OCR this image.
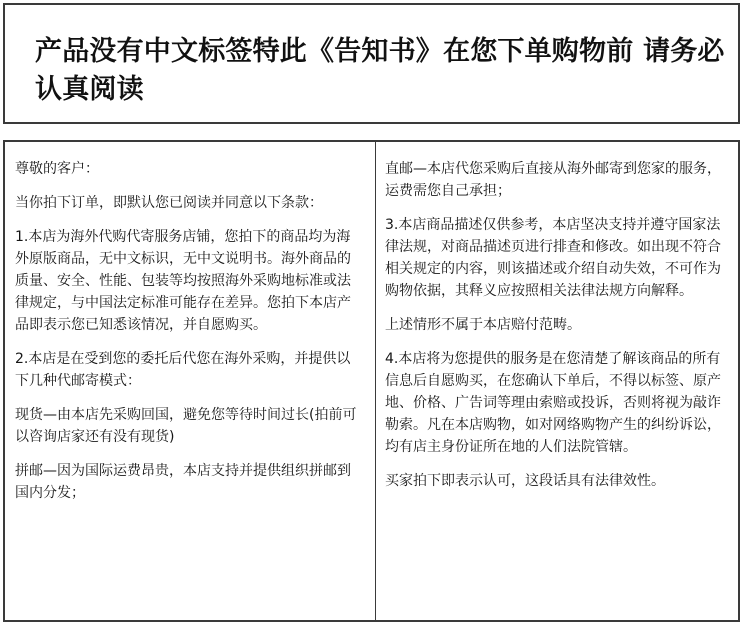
产品没有中文标签特此《告知书》在您下单购物前 请务必认真阅读

尊敬的客户：

当你拍下订单，即默认您已阅读并同意以下条款：

1.本店为海外代购代寄服务店铺，您拍下的商品均为海外原版商品，无中文标识，无中文说明书。海外商品的质量、安全、性能、包装等均按照海外采购地标准或法律规定，与中国法定标准可能存在差异。您拍下本店产品即表示您已知悉该情况，并自愿购买。

2.本店是在受到您的委托后代您在海外采购，并提供以下几种代邮寄模式：

现货—由本店先采购回国，避免您等待时间过长(拍前可以咨询店家还有没有现货)

拼邮—因为国际运费昂贵，本店支持并提供组织拼邮到国内分发；

直邮—本店代您采购后直接从海外邮寄到您家的服务，运费需您自己承担；

3.本店商品描述仅供参考，本店坚决支持并遵守国家法律法规，对商品描述页进行排查和修改。如出现不符合相关规定的内容，则该描述或介绍自动失效，不可作为购物依据，其释义应按照相关法律法规方向解释。

上述情形不属于本店赔付范畴。

4.本店将为您提供的服务是在您清楚了解该商品的所有信息后自愿购买，在您确认下单后，不得以标签、原产地、价格、广告词等理由索赔或投诉，否则将视为敲诈勒索。凡在本店购物，如对网络购物产生的纠纷诉讼，均有店主身份证所在地的人们法院管辖。

买家拍下即表示认可，这段话具有法律效性。
